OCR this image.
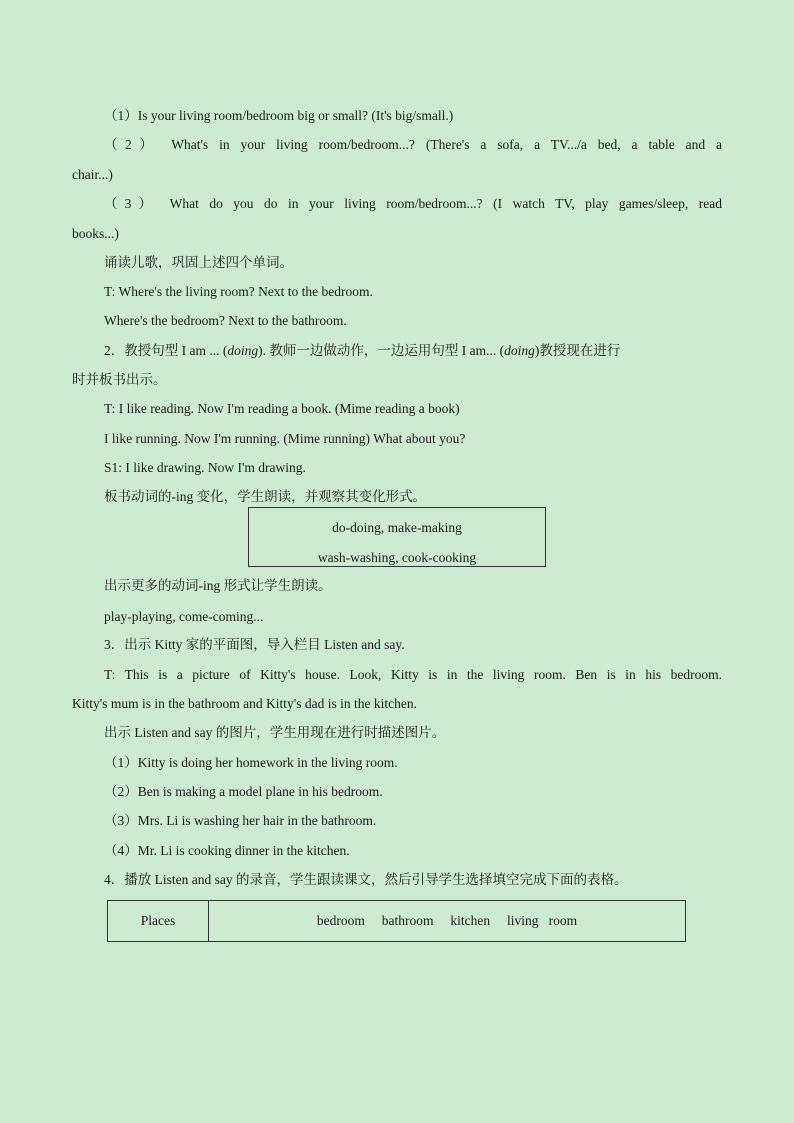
（1）Is your living room/bedroom big or small? (It's big/small.)
（2） What's in your living room/bedroom...? (There's a sofa, a TV.../a bed, a table and a
chair...)
（3） What do you do in your living room/bedroom...? (I watch TV, play games/sleep, read
books...)
诵读儿歌，巩固上述四个单词。
T: Where's the living room? Next to the bedroom.
Where's the bedroom? Next to the bathroom.
2．教授句型 I am ... (doing). 教师一边做动作，一边运用句型 I am... (doing)教授现在进行
时并板书出示。
T: I like reading. Now I'm reading a book. (Mime reading a book)
I like running. Now I'm running. (Mime running) What about you?
S1: I like drawing. Now I'm drawing.
板书动词的-ing 变化，学生朗读，并观察其变化形式。
do-doing, make-making
wash-washing, cook-cooking
出示更多的动词-ing 形式让学生朗读。
play-playing, come-coming...
3．出示 Kitty 家的平面图，导入栏目 Listen and say.
T: This is a picture of Kitty's house. Look, Kitty is in the living room. Ben is in his bedroom.
Kitty's mum is in the bathroom and Kitty's dad is in the kitchen.
出示 Listen and say 的图片，学生用现在进行时描述图片。
（1）Kitty is doing her homework in the living room.
（2）Ben is making a model plane in his bedroom.
（3）Mrs. Li is washing her hair in the bathroom.
（4）Mr. Li is cooking dinner in the kitchen.
4．播放 Listen and say 的录音，学生跟读课文，然后引导学生选择填空完成下面的表格。
Places	bedroom     bathroom     kitchen     living   room
